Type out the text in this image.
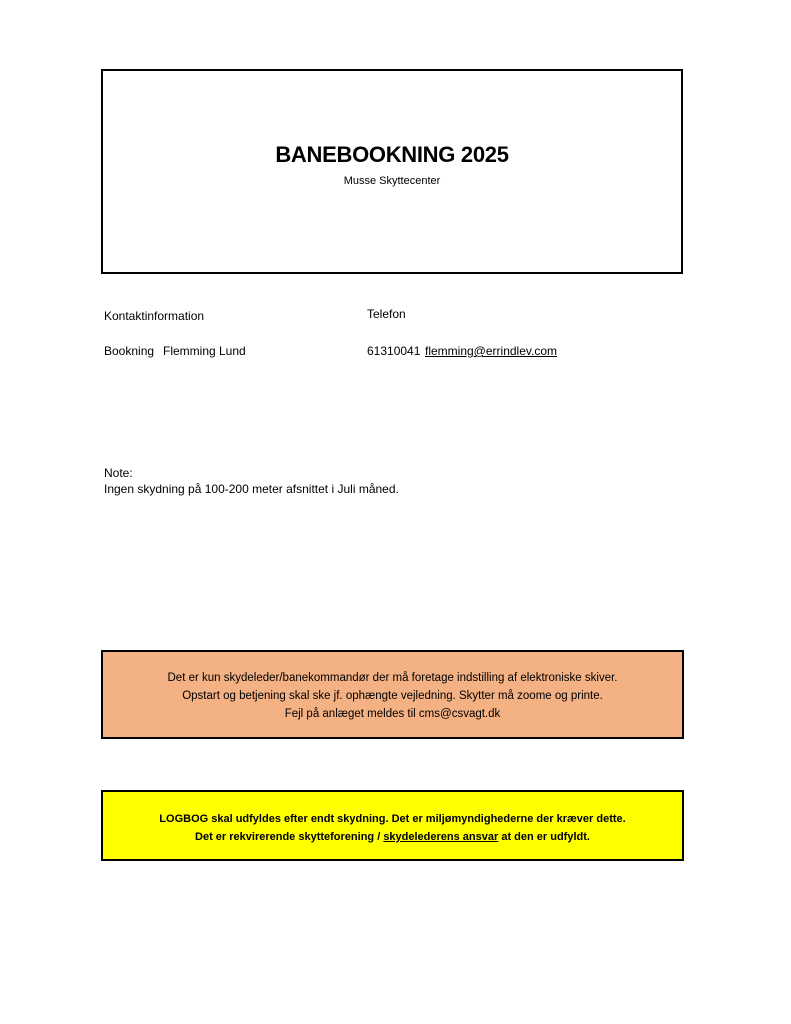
BANEBOOKNING 2025
Musse Skyttecenter
Kontaktinformation	Telefon
Bookning Flemming Lund	61310041 flemming@errindlev.com
Note:
Ingen skydning på 100-200 meter afsnittet i Juli måned.
Det er kun skydeleder/banekommandør der må foretage indstilling af elektroniske skiver.
Opstart og betjening skal ske jf. ophængte vejledning. Skytter må zoome og printe.
Fejl på anlæget meldes til cms@csvagt.dk
LOGBOG skal udfyldes efter endt skydning. Det er miljømyndighederne der kræver dette.
Det er rekvirerende skytteforening / skydelederens ansvar at den er udfyldt.
